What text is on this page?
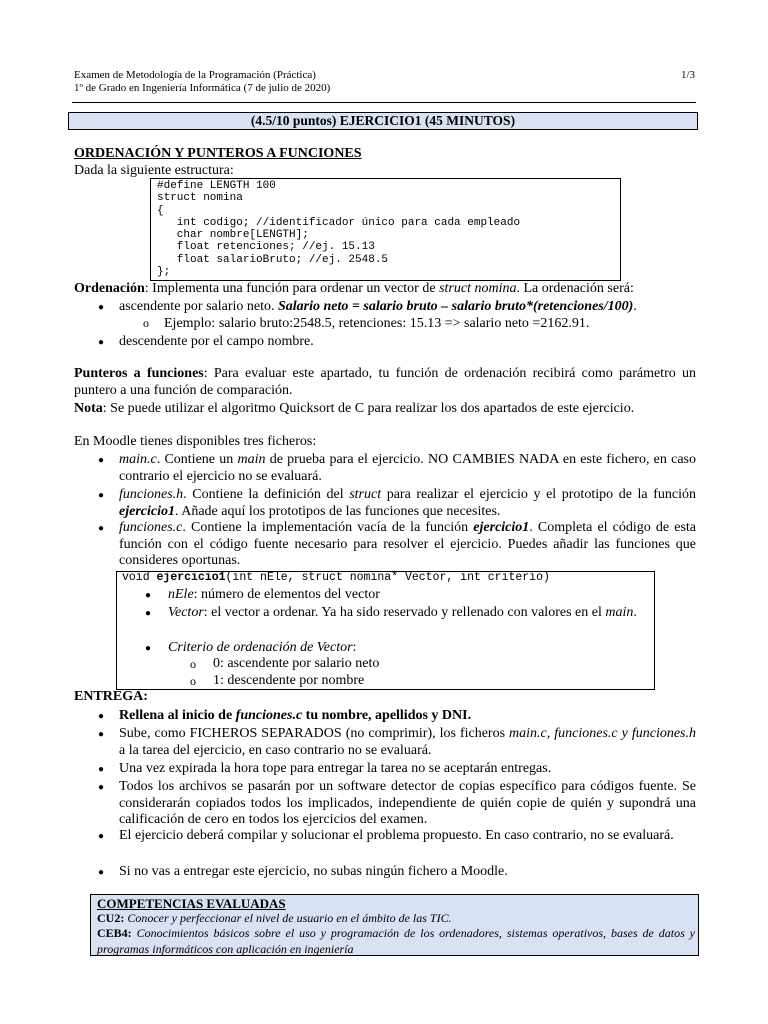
Examen de Metodología de la Programación (Práctica)
1º de Grado en Ingeniería Informática (7 de julio de 2020)
1/3
(4.5/10 puntos) EJERCICIO1 (45 MINUTOS)
ORDENACIÓN Y PUNTEROS A FUNCIONES
Dada la siguiente estructura:
#define LENGTH 100
struct nomina
{
int codigo; //identificador único para cada empleado
char nombre[LENGTH];
float retenciones; //ej. 15.13
float salarioBruto; //ej. 2548.5
};
Ordenación: Implementa una función para ordenar un vector de struct nomina. La ordenación será:
● ascendente por salario neto. Salario neto = salario bruto – salario bruto*(retenciones/100).
o Ejemplo: salario bruto:2548.5, retenciones: 15.13 => salario neto =2162.91.
● descendente por el campo nombre.
Punteros a funciones: Para evaluar este apartado, tu función de ordenación recibirá como parámetro un puntero a una función de comparación.
Nota: Se puede utilizar el algoritmo Quicksort de C para realizar los dos apartados de este ejercicio.
En Moodle tienes disponibles tres ficheros:
● main.c. Contiene un main de prueba para el ejercicio. NO CAMBIES NADA en este fichero, en caso contrario el ejercicio no se evaluará.
● funciones.h. Contiene la definición del struct para realizar el ejercicio y el prototipo de la función ejercicio1. Añade aquí los prototipos de las funciones que necesites.
● funciones.c. Contiene la implementación vacía de la función ejercicio1. Completa el código de esta función con el código fuente necesario para resolver el ejercicio. Puedes añadir las funciones que consideres oportunas.
void ejercicio1(int nEle, struct nomina* Vector, int criterio)
● nEle: número de elementos del vector
● Vector: el vector a ordenar. Ya ha sido reservado y rellenado con valores en el main.
● Criterio de ordenación de Vector:
o 0: ascendente por salario neto
o 1: descendente por nombre
ENTREGA:
● Rellena al inicio de funciones.c tu nombre, apellidos y DNI.
● Sube, como FICHEROS SEPARADOS (no comprimir), los ficheros main.c, funciones.c y funciones.h a la tarea del ejercicio, en caso contrario no se evaluará.
● Una vez expirada la hora tope para entregar la tarea no se aceptarán entregas.
● Todos los archivos se pasarán por un software detector de copias específico para códigos fuente. Se considerarán copiados todos los implicados, independiente de quién copie de quién y supondrá una calificación de cero en todos los ejercicios del examen.
● El ejercicio deberá compilar y solucionar el problema propuesto. En caso contrario, no se evaluará.
● Si no vas a entregar este ejercicio, no subas ningún fichero a Moodle.
COMPETENCIAS EVALUADAS
CU2: Conocer y perfeccionar el nivel de usuario en el ámbito de las TIC.
CEB4: Conocimientos básicos sobre el uso y programación de los ordenadores, sistemas operativos, bases de datos y programas informáticos con aplicación en ingeniería
